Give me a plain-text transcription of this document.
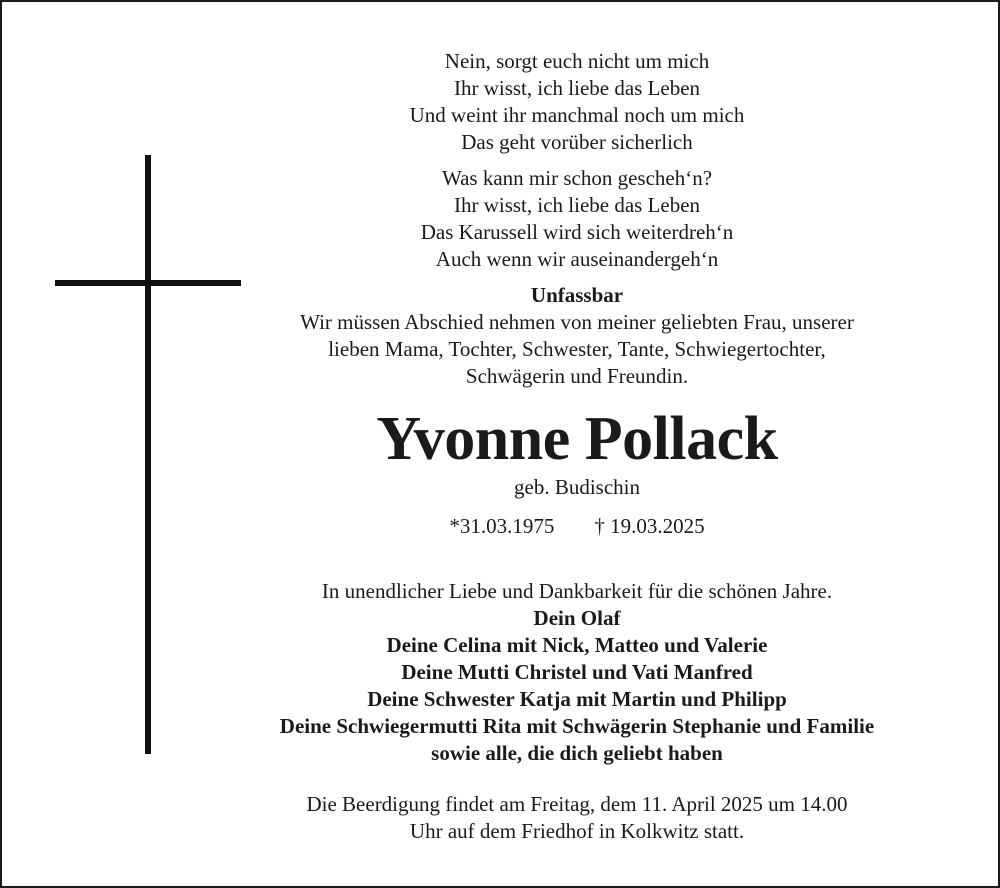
Nein, sorgt euch nicht um mich
Ihr wisst, ich liebe das Leben
Und weint ihr manchmal noch um mich
Das geht vorüber sicherlich
Was kann mir schon gescheh‘n?
Ihr wisst, ich liebe das Leben
Das Karussell wird sich weiterdreh‘n
Auch wenn wir auseinandergeh‘n
Unfassbar
Wir müssen Abschied nehmen von meiner geliebten Frau, unserer
lieben Mama, Tochter, Schwester, Tante, Schwiegertochter,
Schwägerin und Freundin.
Yvonne Pollack
geb. Budischin
*31.03.1975 † 19.03.2025
In unendlicher Liebe und Dankbarkeit für die schönen Jahre.
Dein Olaf
Deine Celina mit Nick, Matteo und Valerie
Deine Mutti Christel und Vati Manfred
Deine Schwester Katja mit Martin und Philipp
Deine Schwiegermutti Rita mit Schwägerin Stephanie und Familie
sowie alle, die dich geliebt haben
Die Beerdigung findet am Freitag, dem 11. April 2025 um 14.00
Uhr auf dem Friedhof in Kolkwitz statt.
